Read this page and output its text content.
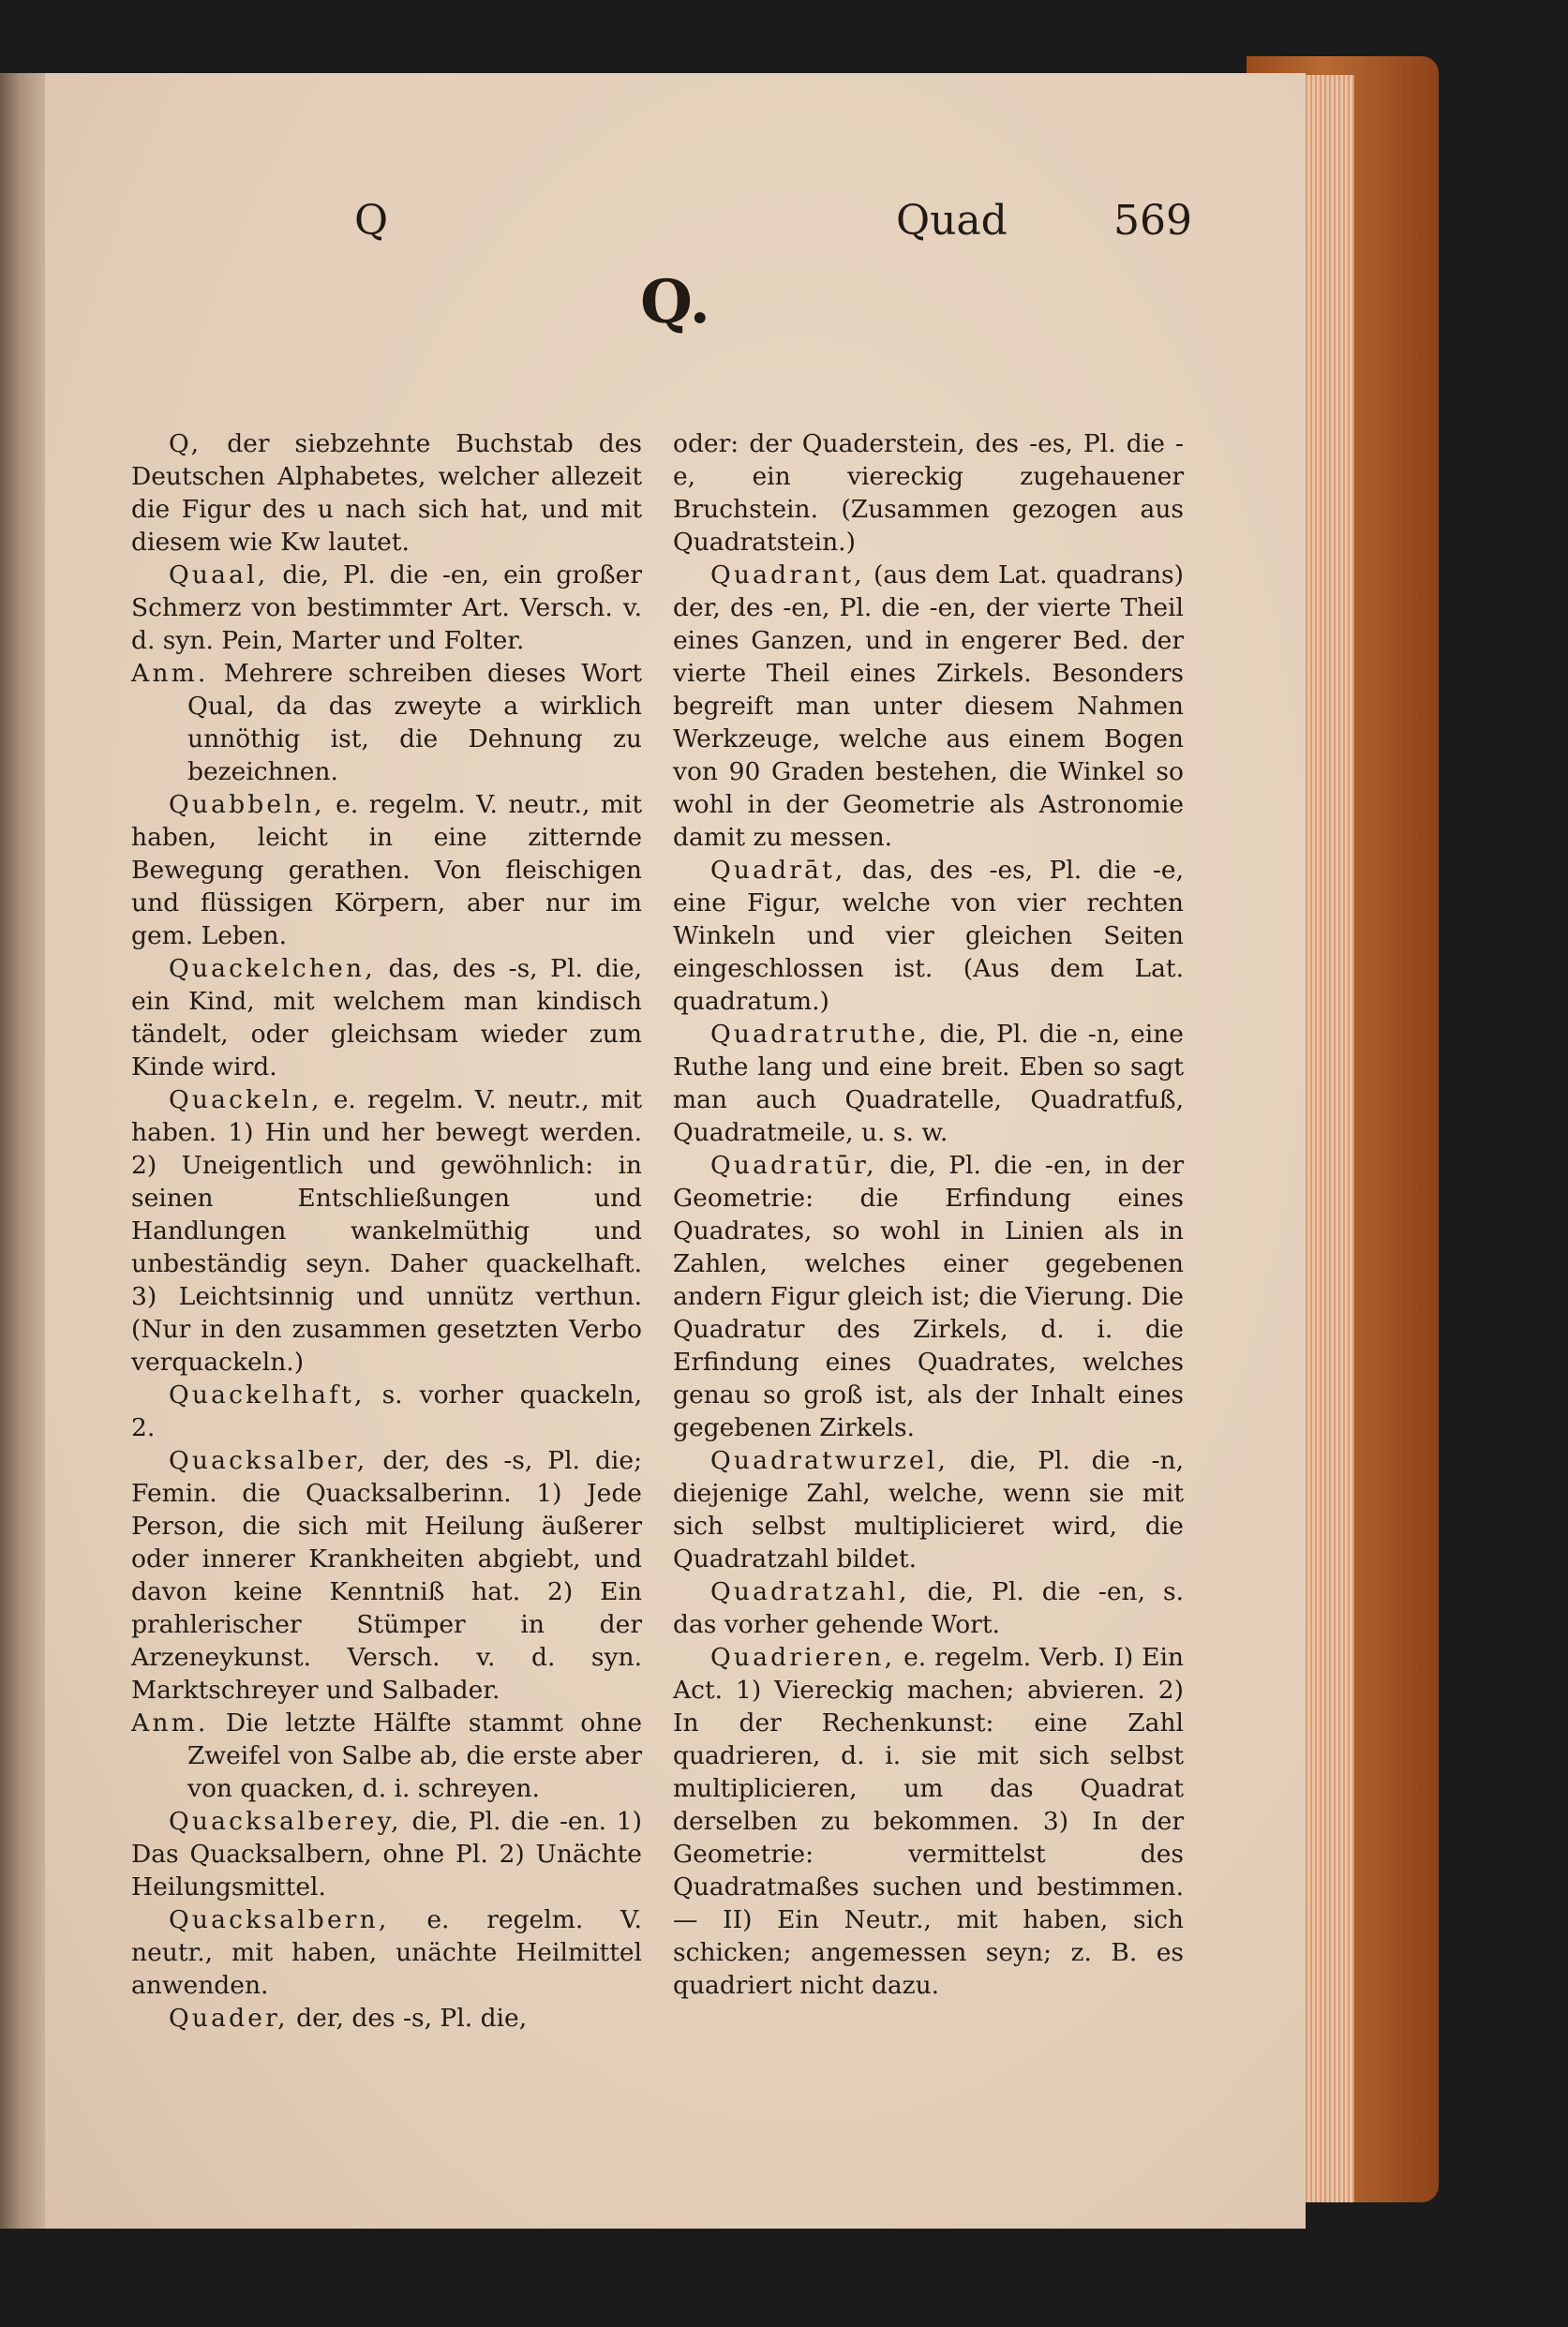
Q	Quad	569
Q.

Q, der siebzehnte Buchstab des Deutschen Alphabetes, welcher allezeit die Figur des u nach sich hat, und mit diesem wie Kw lautet.

Quaal, die, Pl. die -en, ein großer Schmerz von bestimmter Art. Versch. v. d. syn. Pein, Marter und Folter.

Anm. Mehrere schreiben dieses Wort Qual, da das zweyte a wirklich unnöthig ist, die Dehnung zu bezeichnen.

Quabbeln, e. regelm. V. neutr., mit haben, leicht in eine zitternde Bewegung gerathen. Von fleischigen und flüssigen Körpern, aber nur im gem. Leben.

Quackelchen, das, des -s, Pl. die, ein Kind, mit welchem man kindisch tändelt, oder gleichsam wieder zum Kinde wird.

Quackeln, e. regelm. V. neutr., mit haben. 1) Hin und her bewegt werden. 2) Uneigentlich und gewöhnlich: in seinen Entschließungen und Handlungen wankelmüthig und unbeständig seyn. Daher quackelhaft. 3) Leichtsinnig und unnütz verthun. (Nur in den zusammen gesetzten Verbo verquackeln.)

Quackelhaft, s. vorher quackeln, 2.

Quacksalber, der, des -s, Pl. die; Femin. die Quacksalberinn. 1) Jede Person, die sich mit Heilung äußerer oder innerer Krankheiten abgiebt, und davon keine Kenntniß hat. 2) Ein prahlerischer Stümper in der Arzeneykunst. Versch. v. d. syn. Marktschreyer und Salbader.

Anm. Die letzte Hälfte stammt ohne Zweifel von Salbe ab, die erste aber von quacken, d. i. schreyen.

Quacksalberey, die, Pl. die -en. 1) Das Quacksalbern, ohne Pl. 2) Unächte Heilungsmittel.

Quacksalbern, e. regelm. V. neutr., mit haben, unächte Heilmittel anwenden.

Quader, der, des -s, Pl. die,

oder: der Quaderstein, des -es, Pl. die -e, ein viereckig zugehauener Bruchstein. (Zusammen gezogen aus Quadratstein.)

Quadrant, (aus dem Lat. quadrans) der, des -en, Pl. die -en, der vierte Theil eines Ganzen, und in engerer Bed. der vierte Theil eines Zirkels. Besonders begreift man unter diesem Nahmen Werkzeuge, welche aus einem Bogen von 90 Graden bestehen, die Winkel so wohl in der Geometrie als Astronomie damit zu messen.

Quadrāt, das, des -es, Pl. die -e, eine Figur, welche von vier rechten Winkeln und vier gleichen Seiten eingeschlossen ist. (Aus dem Lat. quadratum.)

Quadratruthe, die, Pl. die -n, eine Ruthe lang und eine breit. Eben so sagt man auch Quadratelle, Quadratfuß, Quadratmeile, u. s. w.

Quadratūr, die, Pl. die -en, in der Geometrie: die Erfindung eines Quadrates, so wohl in Linien als in Zahlen, welches einer gegebenen andern Figur gleich ist; die Vierung. Die Quadratur des Zirkels, d. i. die Erfindung eines Quadrates, welches genau so groß ist, als der Inhalt eines gegebenen Zirkels.

Quadratwurzel, die, Pl. die -n, diejenige Zahl, welche, wenn sie mit sich selbst multiplicieret wird, die Quadratzahl bildet.

Quadratzahl, die, Pl. die -en, s. das vorher gehende Wort.

Quadrieren, e. regelm. Verb. I) Ein Act. 1) Viereckig machen; abvieren. 2) In der Rechenkunst: eine Zahl quadrieren, d. i. sie mit sich selbst multiplicieren, um das Quadrat derselben zu bekommen. 3) In der Geometrie: vermittelst des Quadratmaßes suchen und bestimmen. — II) Ein Neutr., mit haben, sich schicken; angemessen seyn; z. B. es quadriert nicht dazu.
